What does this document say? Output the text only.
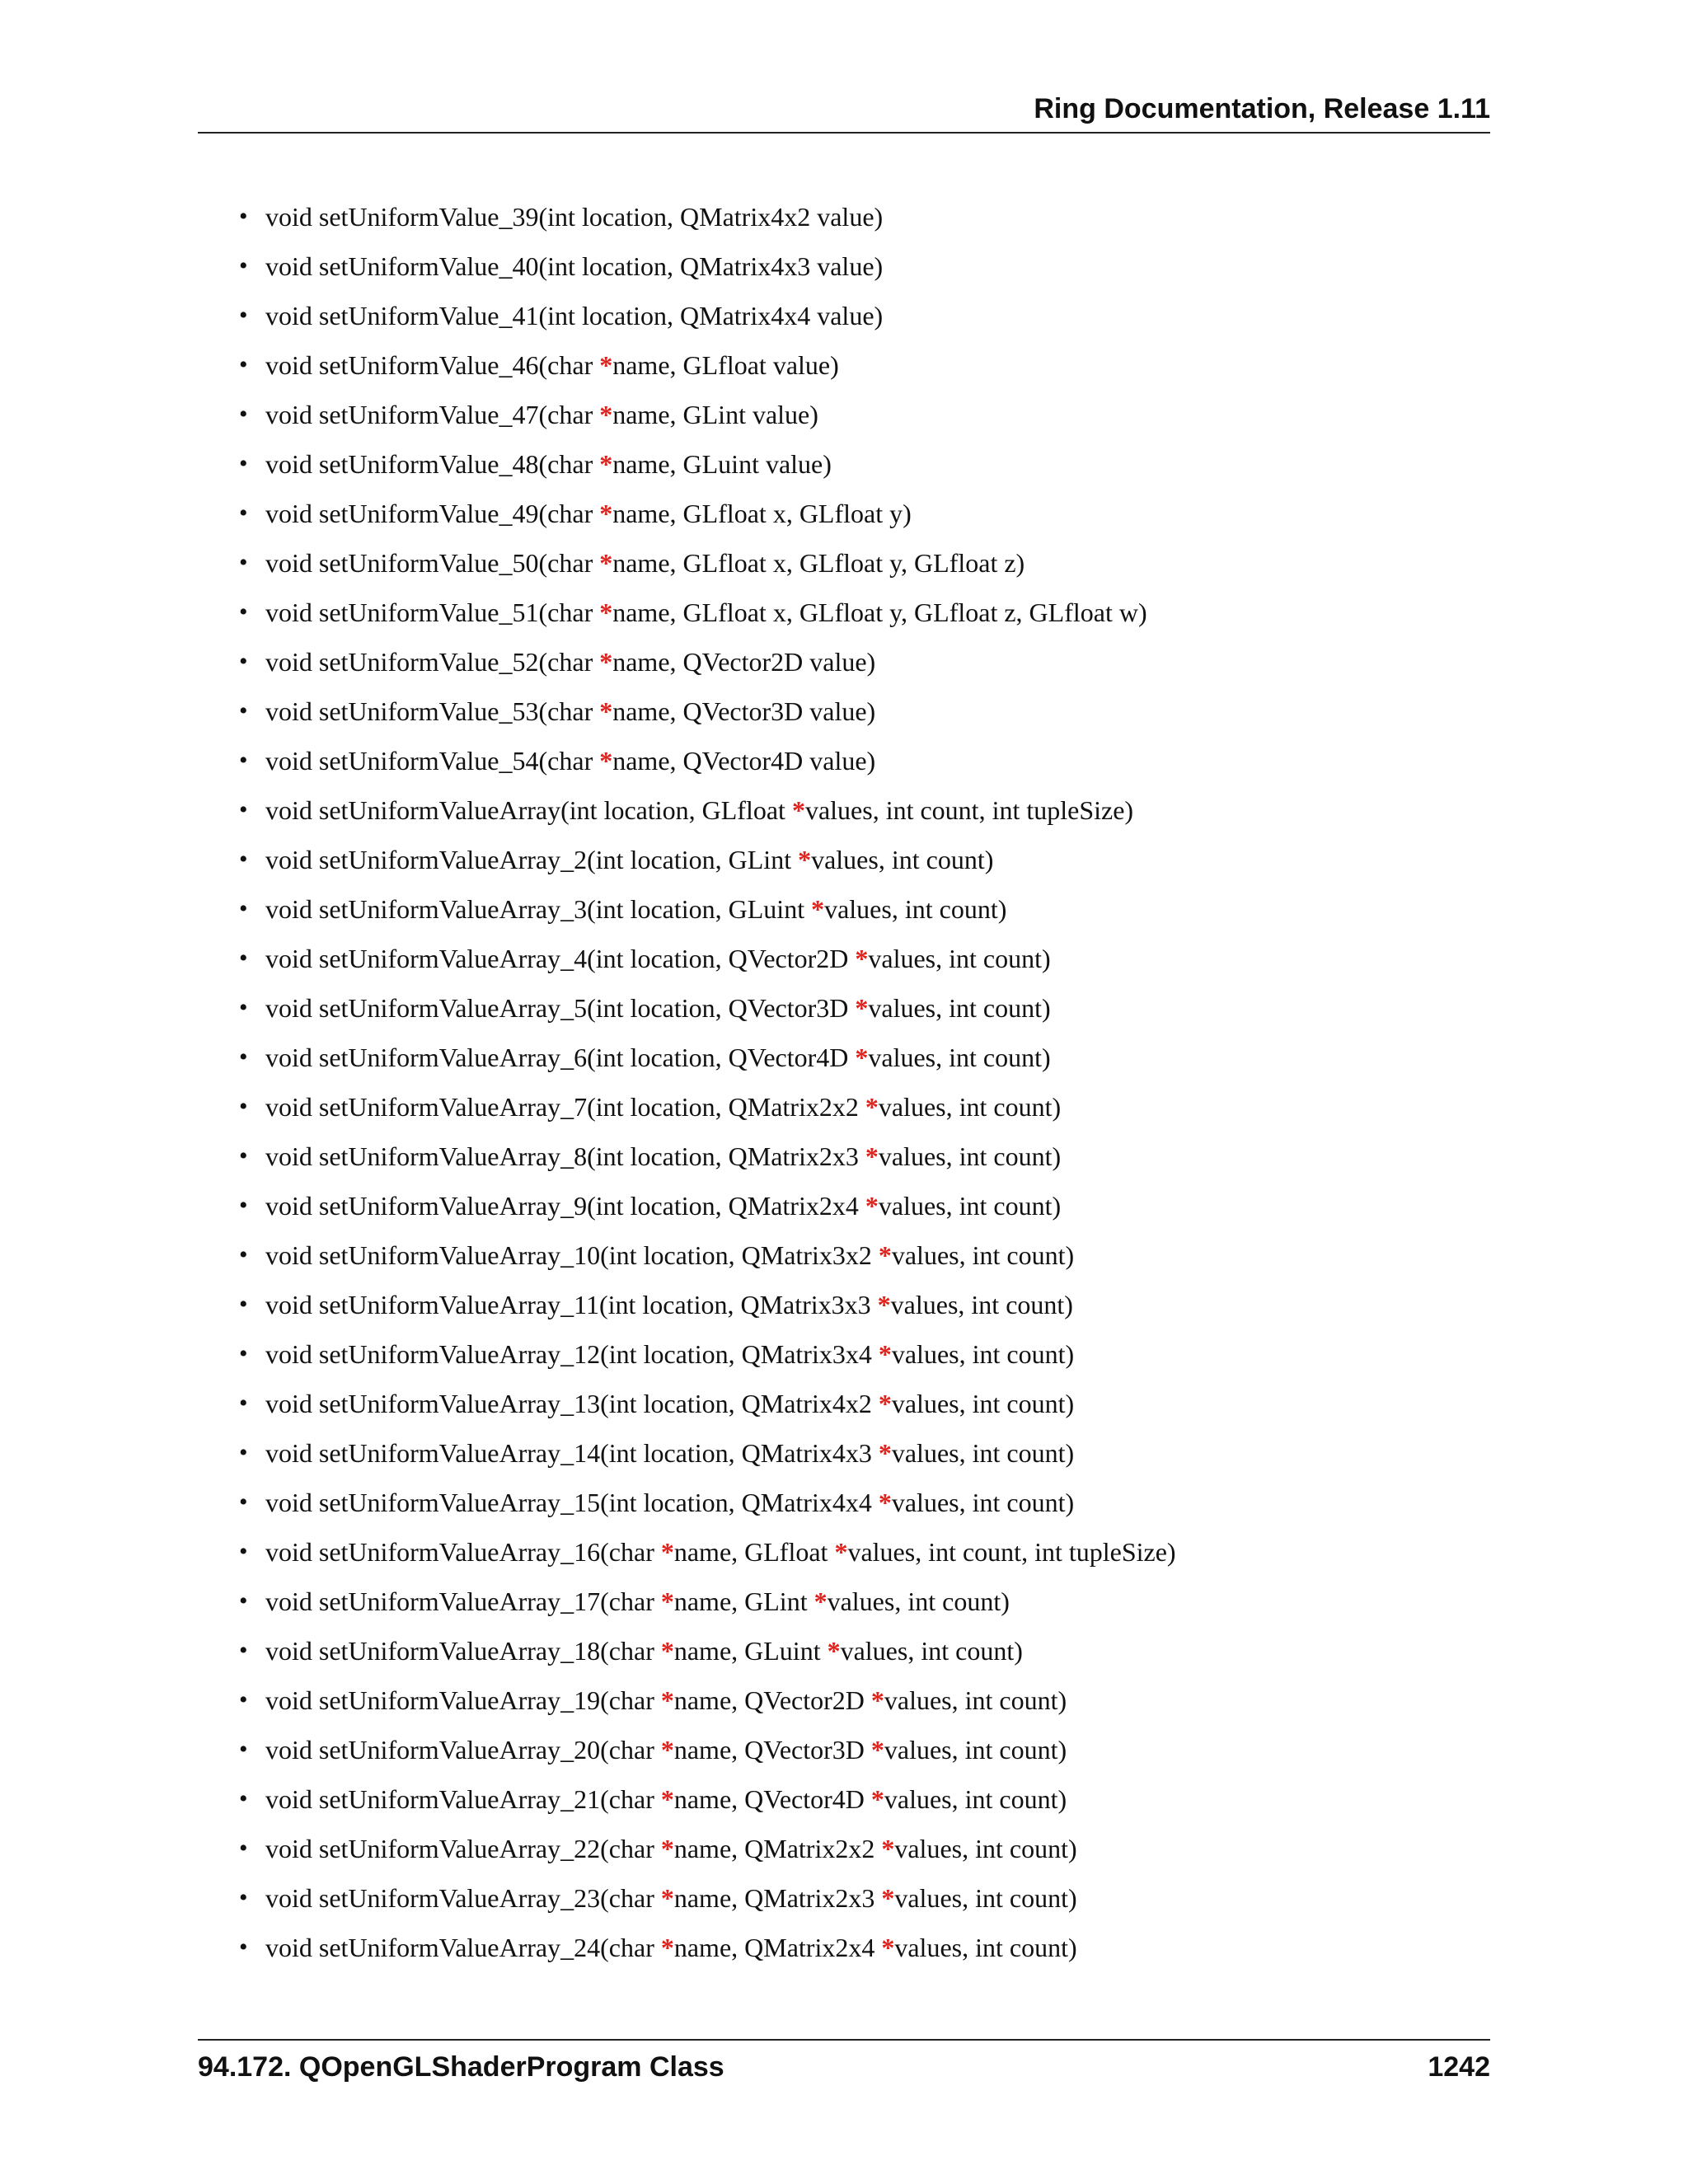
Ring Documentation, Release 1.11
• void setUniformValue_39(int location, QMatrix4x2 value)
• void setUniformValue_40(int location, QMatrix4x3 value)
• void setUniformValue_41(int location, QMatrix4x4 value)
• void setUniformValue_46(char *name, GLfloat value)
• void setUniformValue_47(char *name, GLint value)
• void setUniformValue_48(char *name, GLuint value)
• void setUniformValue_49(char *name, GLfloat x, GLfloat y)
• void setUniformValue_50(char *name, GLfloat x, GLfloat y, GLfloat z)
• void setUniformValue_51(char *name, GLfloat x, GLfloat y, GLfloat z, GLfloat w)
• void setUniformValue_52(char *name, QVector2D value)
• void setUniformValue_53(char *name, QVector3D value)
• void setUniformValue_54(char *name, QVector4D value)
• void setUniformValueArray(int location, GLfloat *values, int count, int tupleSize)
• void setUniformValueArray_2(int location, GLint *values, int count)
• void setUniformValueArray_3(int location, GLuint *values, int count)
• void setUniformValueArray_4(int location, QVector2D *values, int count)
• void setUniformValueArray_5(int location, QVector3D *values, int count)
• void setUniformValueArray_6(int location, QVector4D *values, int count)
• void setUniformValueArray_7(int location, QMatrix2x2 *values, int count)
• void setUniformValueArray_8(int location, QMatrix2x3 *values, int count)
• void setUniformValueArray_9(int location, QMatrix2x4 *values, int count)
• void setUniformValueArray_10(int location, QMatrix3x2 *values, int count)
• void setUniformValueArray_11(int location, QMatrix3x3 *values, int count)
• void setUniformValueArray_12(int location, QMatrix3x4 *values, int count)
• void setUniformValueArray_13(int location, QMatrix4x2 *values, int count)
• void setUniformValueArray_14(int location, QMatrix4x3 *values, int count)
• void setUniformValueArray_15(int location, QMatrix4x4 *values, int count)
• void setUniformValueArray_16(char *name, GLfloat *values, int count, int tupleSize)
• void setUniformValueArray_17(char *name, GLint *values, int count)
• void setUniformValueArray_18(char *name, GLuint *values, int count)
• void setUniformValueArray_19(char *name, QVector2D *values, int count)
• void setUniformValueArray_20(char *name, QVector3D *values, int count)
• void setUniformValueArray_21(char *name, QVector4D *values, int count)
• void setUniformValueArray_22(char *name, QMatrix2x2 *values, int count)
• void setUniformValueArray_23(char *name, QMatrix2x3 *values, int count)
• void setUniformValueArray_24(char *name, QMatrix2x4 *values, int count)
94.172. QOpenGLShaderProgram Class	1242
